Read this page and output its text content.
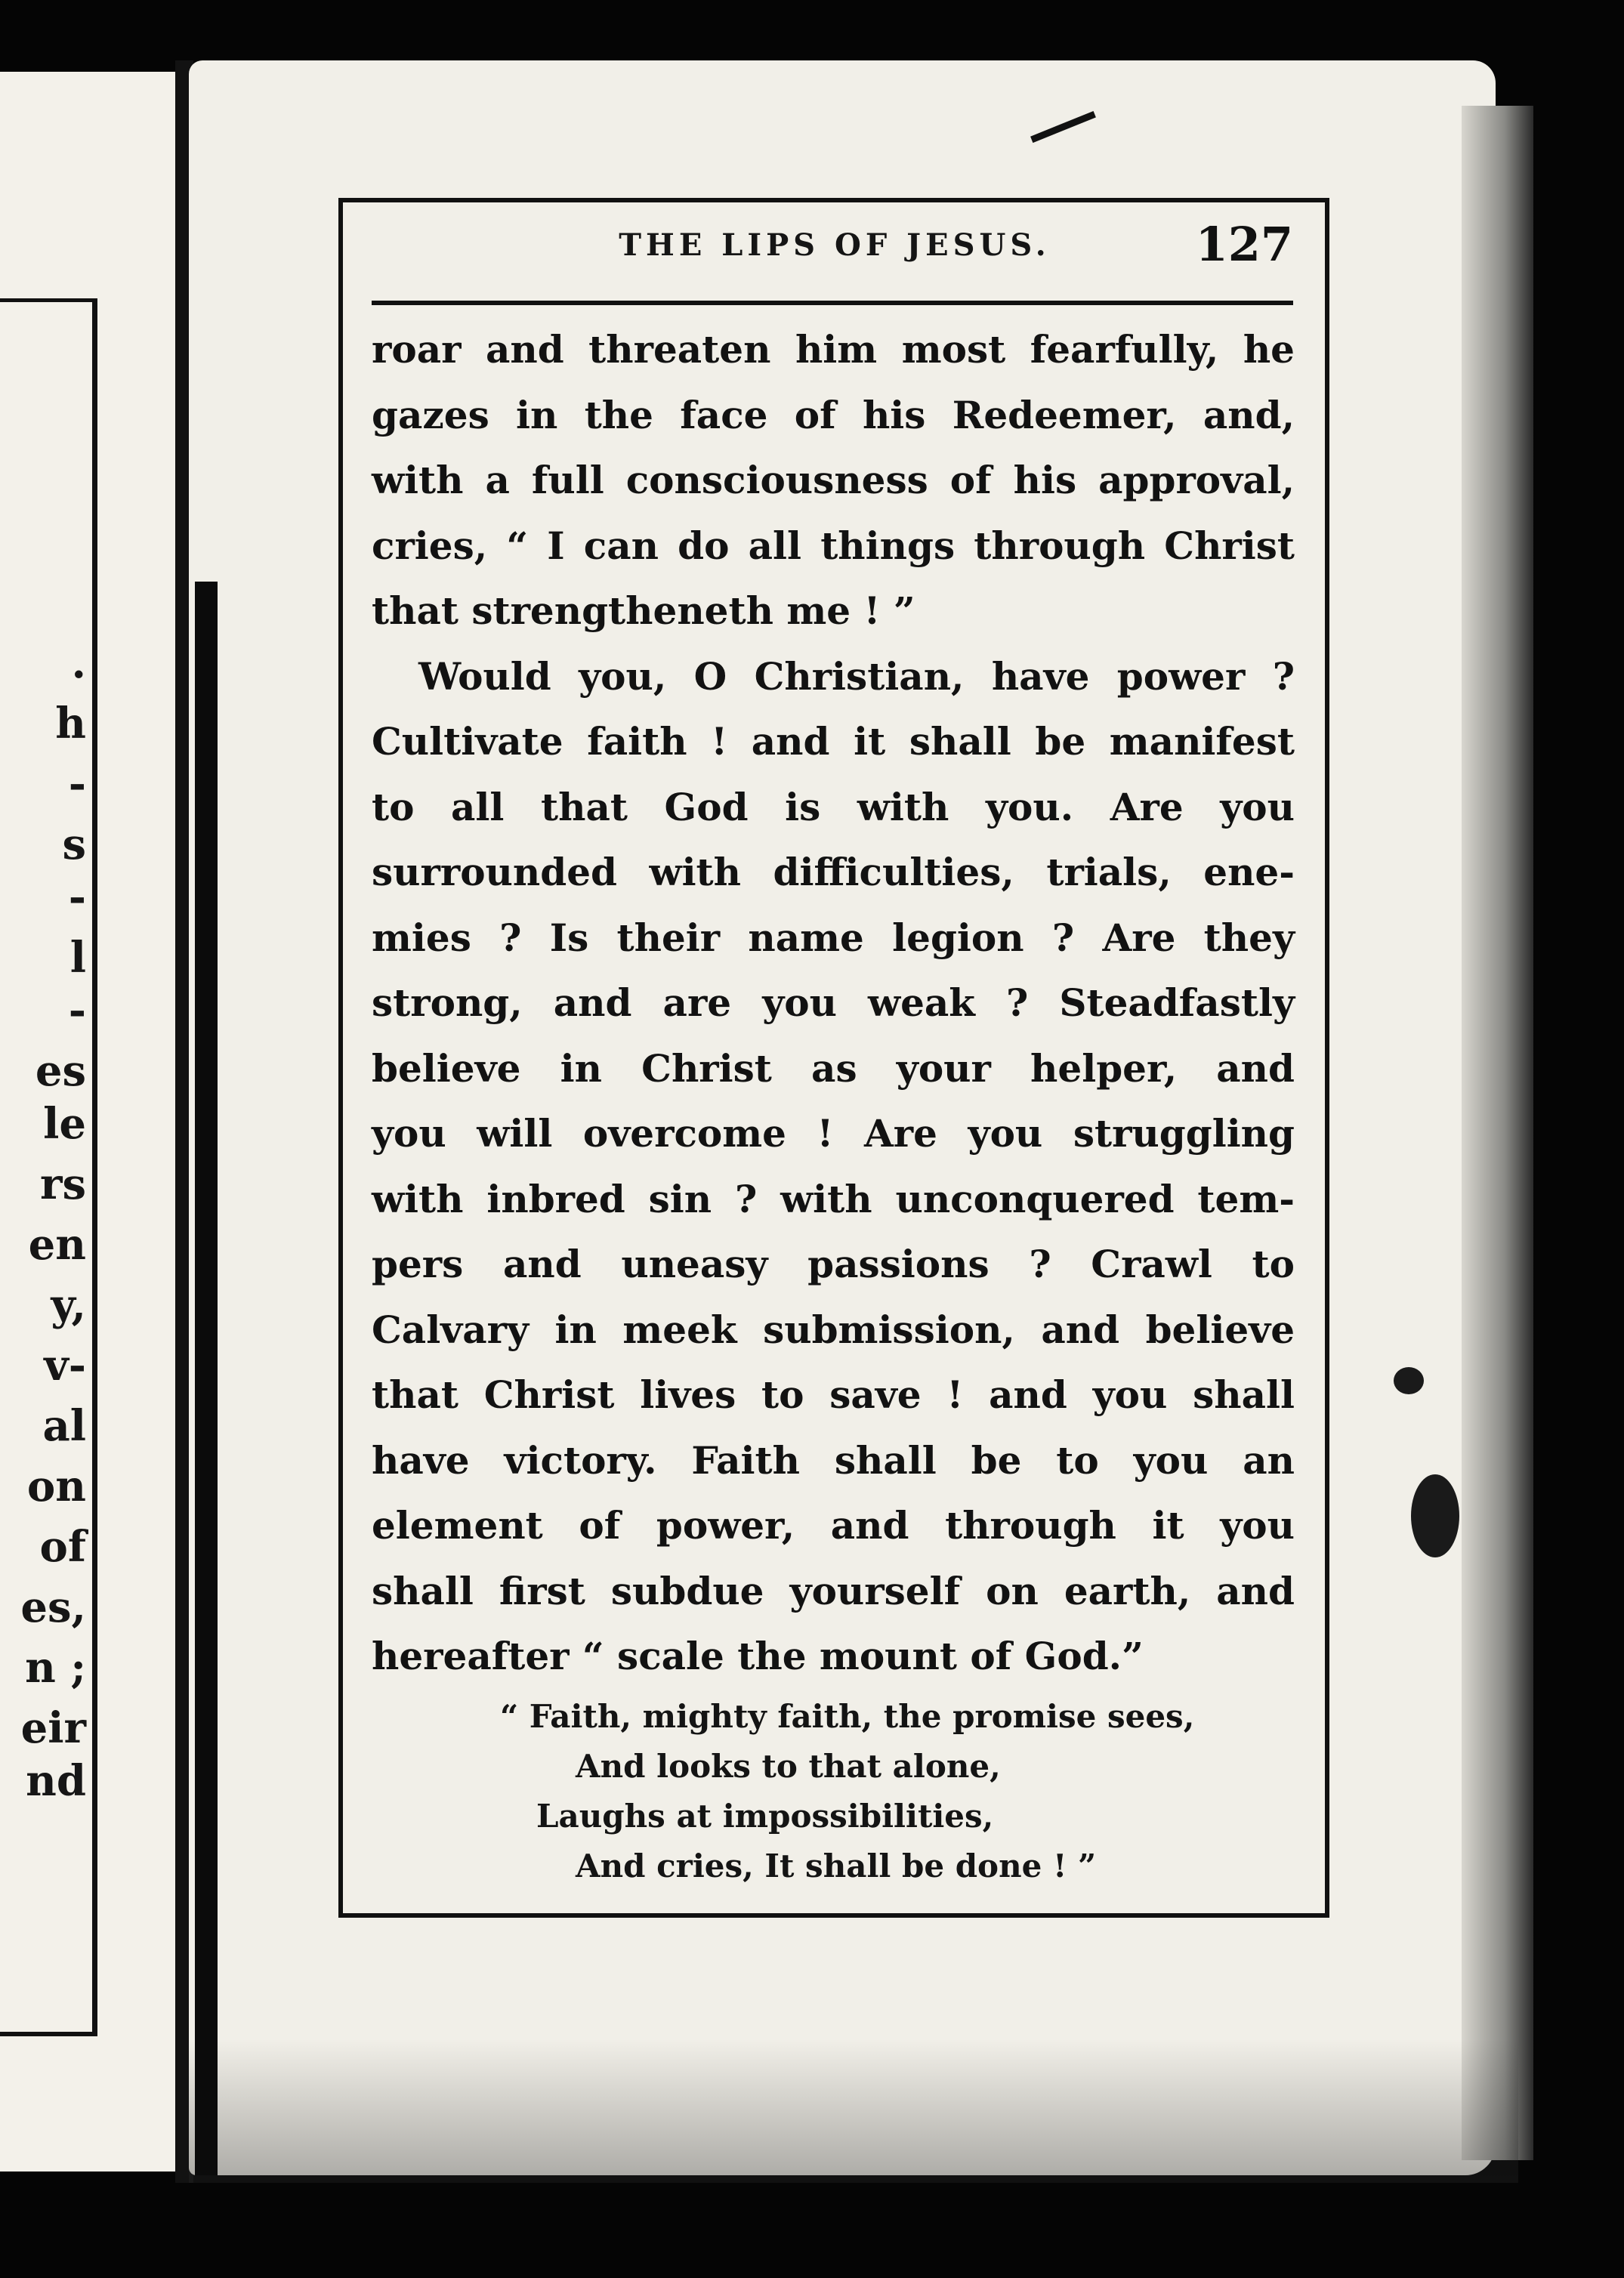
.
h
-
s
-
l
-
es
le
rs
en
y,
v-
al
on
of
es,
n ;
eir
nd
THE LIPS OF JESUS.	127
roar and threaten him most fearfully, he
gazes in the face of his Redeemer, and,
with a full consciousness of his approval,
cries, “ I can do all things through Christ
that strengtheneth me ! ”
Would you, O Christian, have power ?
Cultivate faith ! and it shall be manifest
to all that God is with you. Are you
surrounded with difficulties, trials, ene-
mies ? Is their name legion ? Are they
strong, and are you weak ? Steadfastly
believe in Christ as your helper, and
you will overcome ! Are you struggling
with inbred sin ? with unconquered tem-
pers and uneasy passions ? Crawl to
Calvary in meek submission, and believe
that Christ lives to save ! and you shall
have victory. Faith shall be to you an
element of power, and through it you
shall first subdue yourself on earth, and
hereafter “ scale the mount of God.”
“ Faith, mighty faith, the promise sees,
And looks to that alone,
Laughs at impossibilities,
And cries, It shall be done ! ”
